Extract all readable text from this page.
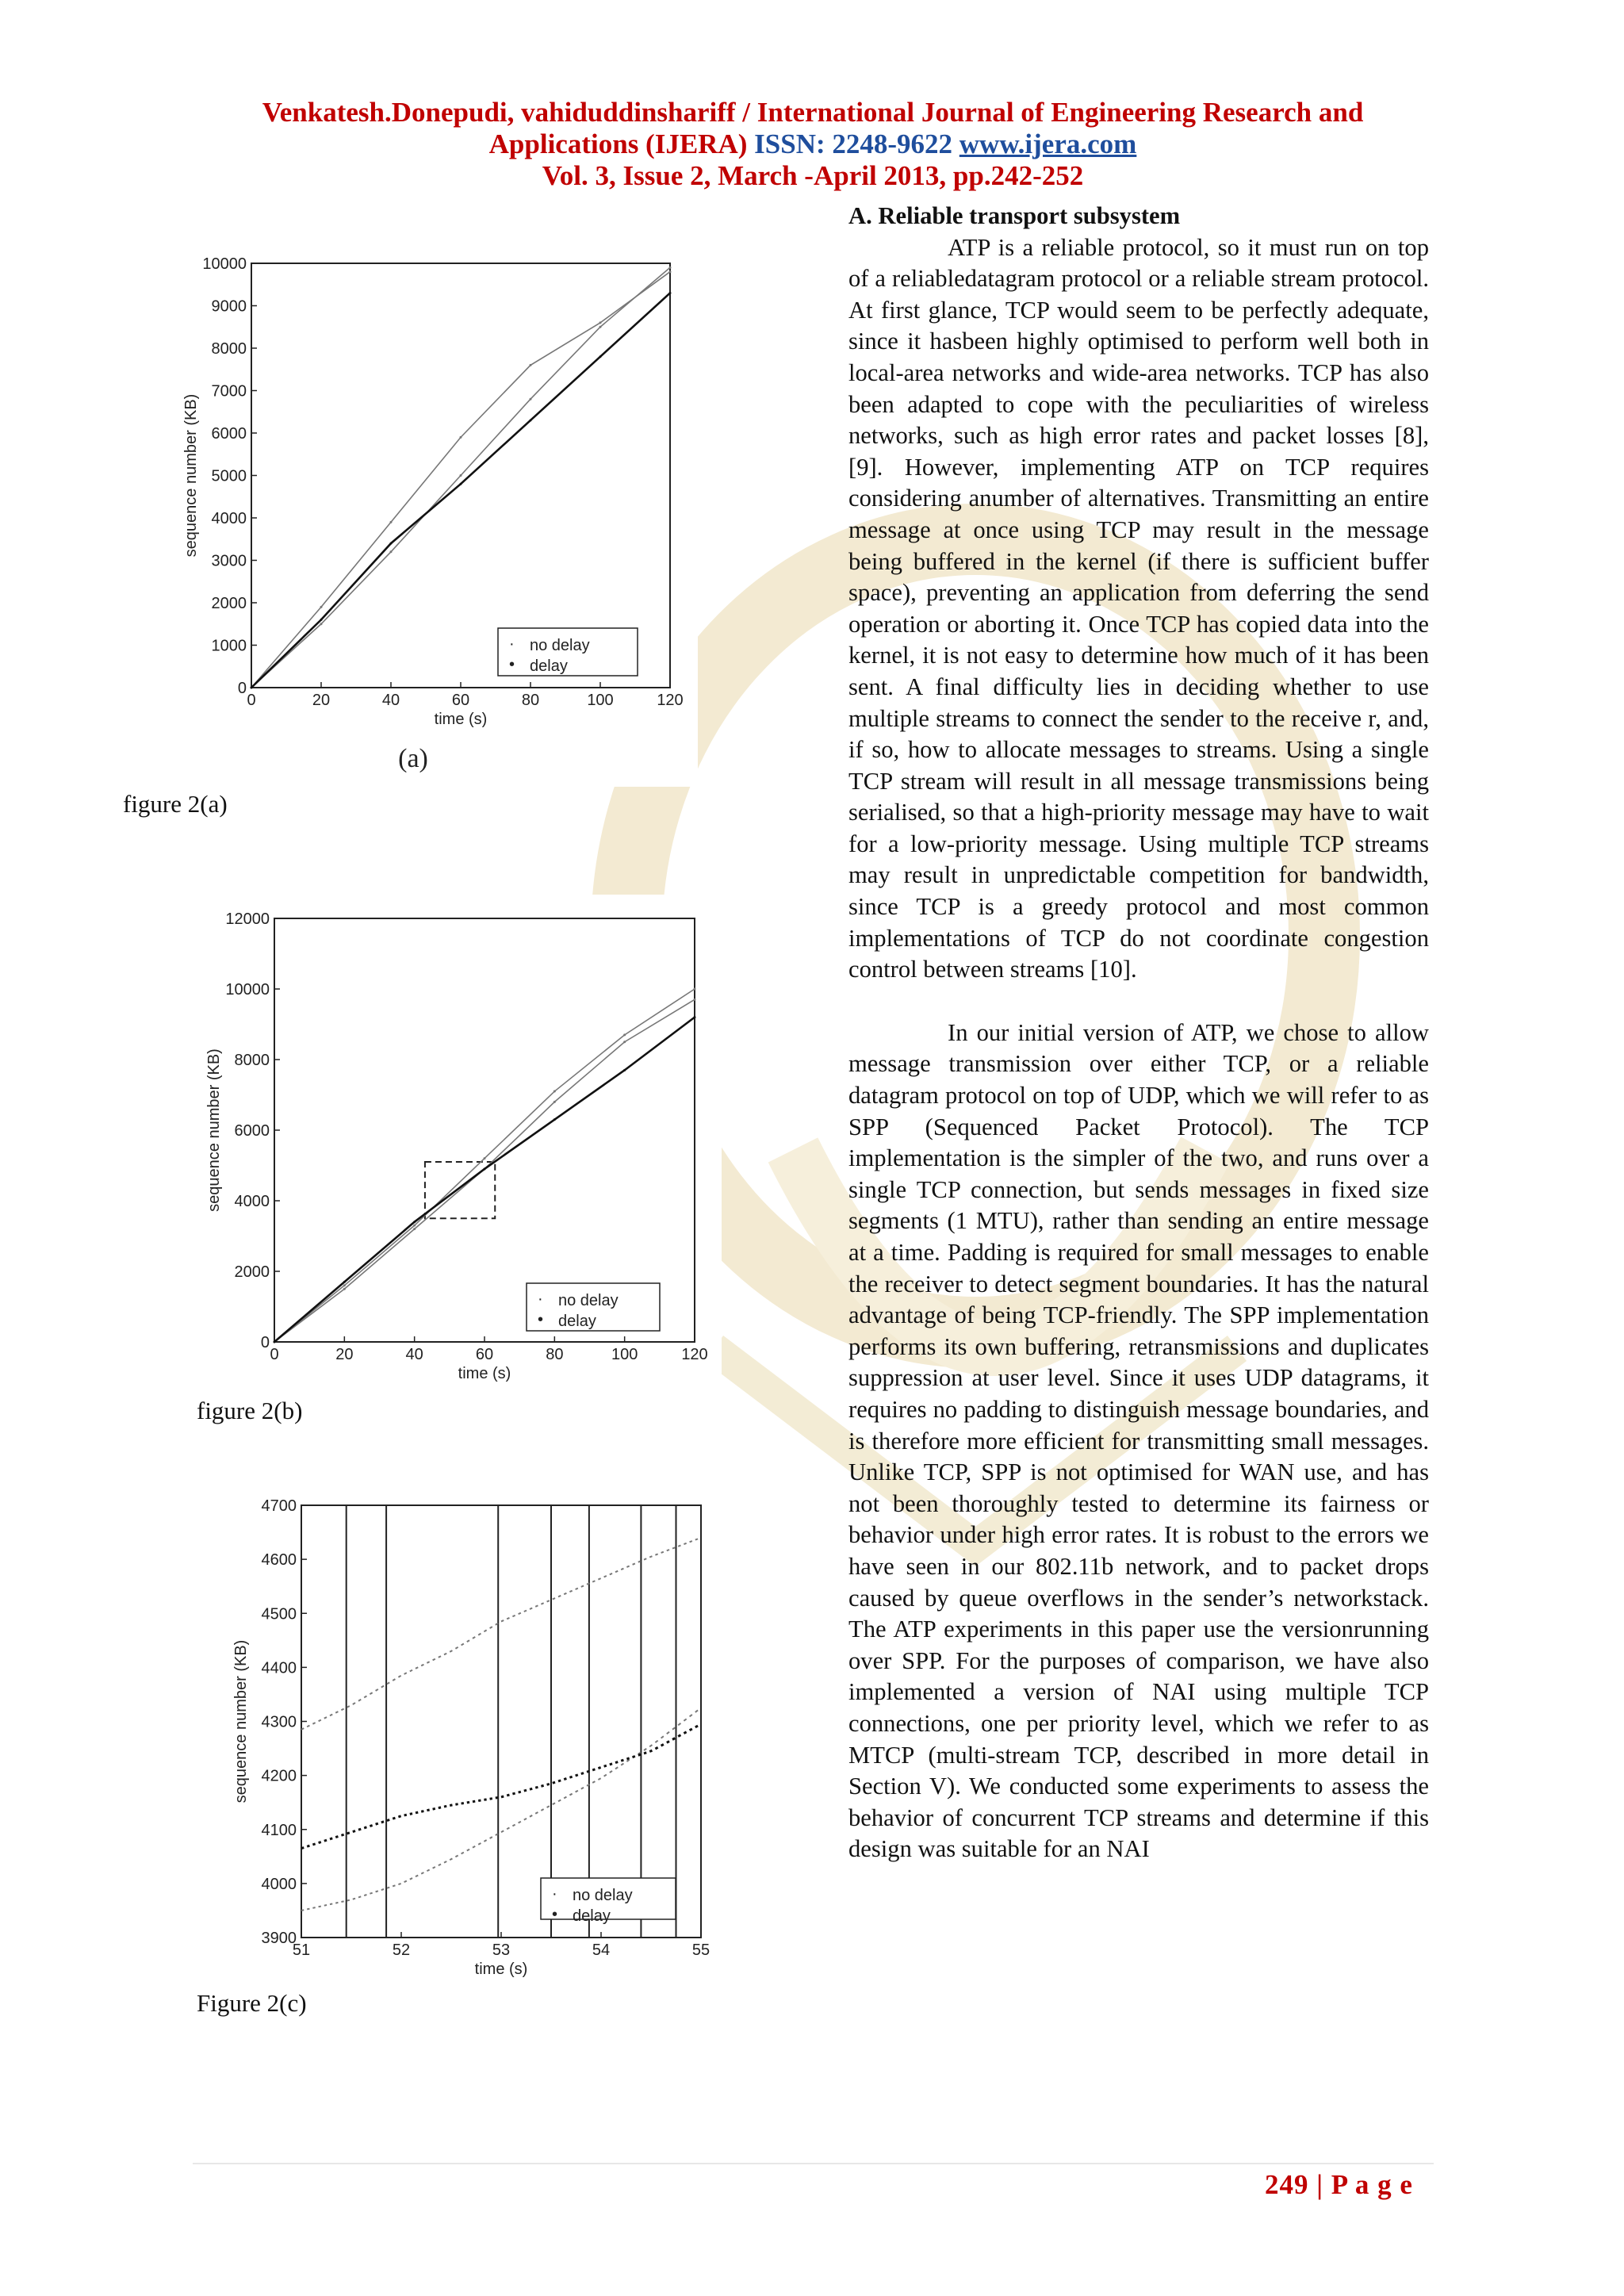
Venkatesh.Donepudi, vahiduddinshariff / International Journal of Engineering Research and
Applications (IJERA) ISSN: 2248-9622 www.ijera.com
Vol. 3, Issue 2, March -April 2013, pp.242-252

A. Reliable transport subsystem

ATP is a reliable protocol, so it must run on top of a reliabledatagram protocol or a reliable stream protocol. At first glance, TCP would seem to be perfectly adequate, since it hasbeen highly optimised to perform well both in local-area networks and wide-area networks. TCP has also been adapted to cope with the peculiarities of wireless networks, such as high error rates and packet losses [8], [9]. However, implementing ATP on TCP requires considering anumber of alternatives. Transmitting an entire message at once using TCP may result in the message being buffered in the kernel (if there is sufficient buffer space), preventing an application from deferring the send operation or aborting it. Once TCP has copied data into the kernel, it is not easy to determine how much of it has been sent. A final difficulty lies in deciding whether to use multiple streams to connect the sender to the receive r, and, if so, how to allocate messages to streams. Using a single TCP stream will result in all message transmissions being serialised, so that a high-priority message may have to wait for a low-priority message. Using multiple TCP streams may result in unpredictable competition for bandwidth, since TCP is a greedy protocol and most common implementations of TCP do not coordinate congestion control between streams [10].

In our initial version of ATP, we chose to allow message transmission over either TCP, or a reliable datagram protocol on top of UDP, which we will refer to as SPP (Sequenced Packet Protocol). The TCP implementation is the simpler of the two, and runs over a single TCP connection, but sends messages in fixed size segments (1 MTU), rather than sending an entire message at a time. Padding is required for small messages to enable the receiver to detect segment boundaries. It has the natural advantage of being TCP-friendly. The SPP implementation performs its own buffering, retransmissions and duplicates suppression at user level. Since it uses UDP datagrams, it requires no padding to distinguish message boundaries, and is therefore more efficient for transmitting small messages. Unlike TCP, SPP is not optimised for WAN use, and has not been thoroughly tested to determine its fairness or behavior under high error rates. It is robust to the errors we have seen in our 802.11b network, and to packet drops caused by queue overflows in the sender’s networkstack. The ATP experiments in this paper use the versionrunning over SPP. For the purposes of comparison, we have also implemented a version of NAI using multiple TCP connections, one per priority level, which we refer to as MTCP (multi-stream TCP, described in more detail in Section V). We conducted some experiments to assess the behavior of concurrent TCP streams and determine if this design was suitable for an NAI

0	20	40	60	80	100	120
0
1000
2000
3000
4000
5000
6000
7000
8000
9000
10000
time (s)
sequence number (KB)
· no delay
• delay
(a)
figure 2(a)
0	20	40	60	80	100	120
0
2000
4000
6000
8000
10000
12000
time (s)
sequence number (KB)
· no delay
• delay
figure 2(b)
51	52	53	54	55
3900
4000
4100
4200
4300
4400
4500
4600
4700
time (s)
sequence number (KB)
· no delay
• delay
Figure 2(c)
249 | P a g e
